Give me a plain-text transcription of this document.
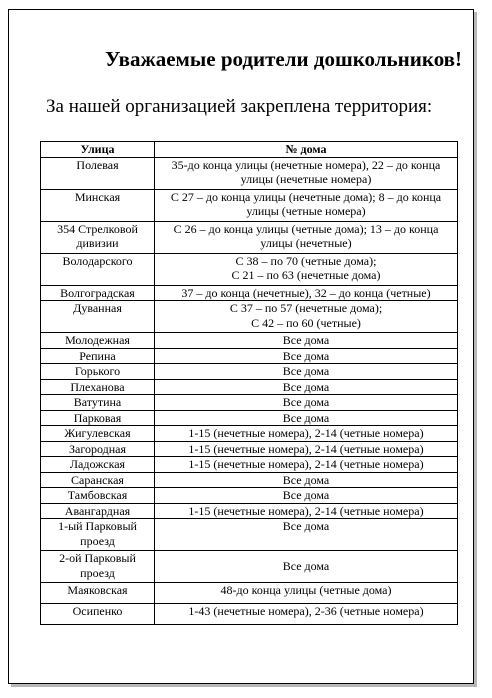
Уважаемые родители дошкольников!
За нашей организацией закреплена территория:
Улица	№ дома
Полевая	35-до конца улицы (нечетные номера), 22 – до конца улицы (нечетные номера)
Минская	С 27 – до конца улицы (нечетные дома); 8 – до конца улицы (четные номера)
354 Стрелковой дивизии	С 26 – до конца улицы (четные дома); 13 – до конца улицы (нечетные)
Володарского	С 38 – по 70 (четные дома);
С 21 – по 63 (нечетные дома)
Волгоградская	37 – до конца (нечетные), 32 – до конца (четные)
Дуванная	С 37 – по 57 (нечетные дома);
С 42 – по 60 (четные)
Молодежная	Все дома
Репина	Все дома
Горького	Все дома
Плеханова	Все дома
Ватутина	Все дома
Парковая	Все дома
Жигулевская	1-15 (нечетные номера), 2-14 (четные номера)
Загородная	1-15 (нечетные номера), 2-14 (четные номера)
Ладожская	1-15 (нечетные номера), 2-14 (четные номера)
Саранская	Все дома
Тамбовская	Все дома
Авангардная	1-15 (нечетные номера), 2-14 (четные номера)
1-ый Парковый проезд	Все дома
2-ой Парковый проезд	Все дома
Маяковская	48-до конца улицы (четные дома)
Осипенко	1-43 (нечетные номера), 2-36 (четные номера)
